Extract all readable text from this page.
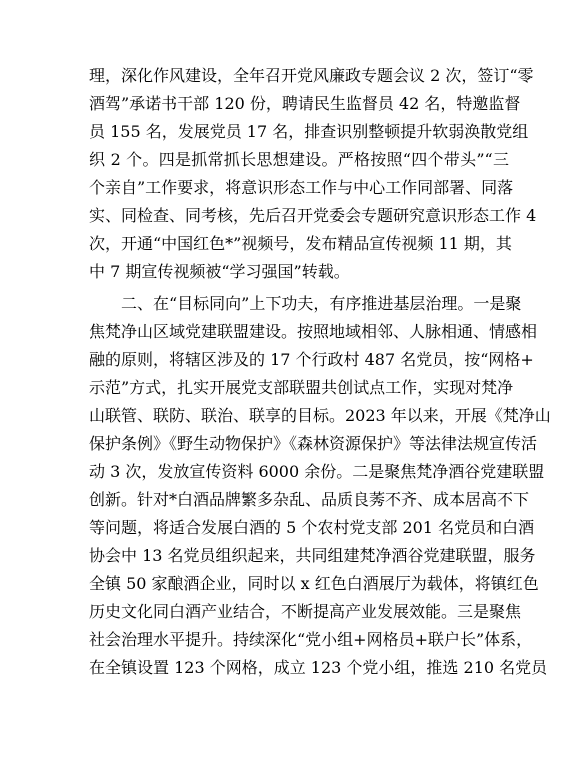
理，深化作风建设，全年召开党风廉政专题会议 2 次，签订“零
酒驾”承诺书干部 120 份，聘请民生监督员 42 名，特邀监督
员 155 名，发展党员 17 名，排查识别整顿提升软弱涣散党组
织 2 个。四是抓常抓长思想建设。严格按照“四个带头”“三
个亲自”工作要求，将意识形态工作与中心工作同部署、同落
实、同检查、同考核，先后召开党委会专题研究意识形态工作 4
次，开通“中国红色*”视频号，发布精品宣传视频 11 期，其
中 7 期宣传视频被“学习强国”转载。
二、在“目标同向”上下功夫，有序推进基层治理。一是聚
焦梵净山区域党建联盟建设。按照地域相邻、人脉相通、情感相
融的原则，将辖区涉及的 17 个行政村 487 名党员，按“网格+
示范”方式，扎实开展党支部联盟共创试点工作，实现对梵净
山联管、联防、联治、联享的目标。2023 年以来，开展《梵净山
保护条例》《野生动物保护》《森林资源保护》等法律法规宣传活
动 3 次，发放宣传资料 6000 余份。二是聚焦梵净酒谷党建联盟
创新。针对*白酒品牌繁多杂乱、品质良莠不齐、成本居高不下
等问题，将适合发展白酒的 5 个农村党支部 201 名党员和白酒
协会中 13 名党员组织起来，共同组建梵净酒谷党建联盟，服务
全镇 50 家酿酒企业，同时以 x 红色白酒展厅为载体，将镇红色
历史文化同白酒产业结合，不断提高产业发展效能。三是聚焦
社会治理水平提升。持续深化“党小组+网格员+联户长”体系，
在全镇设置 123 个网格，成立 123 个党小组，推选 210 名党员
